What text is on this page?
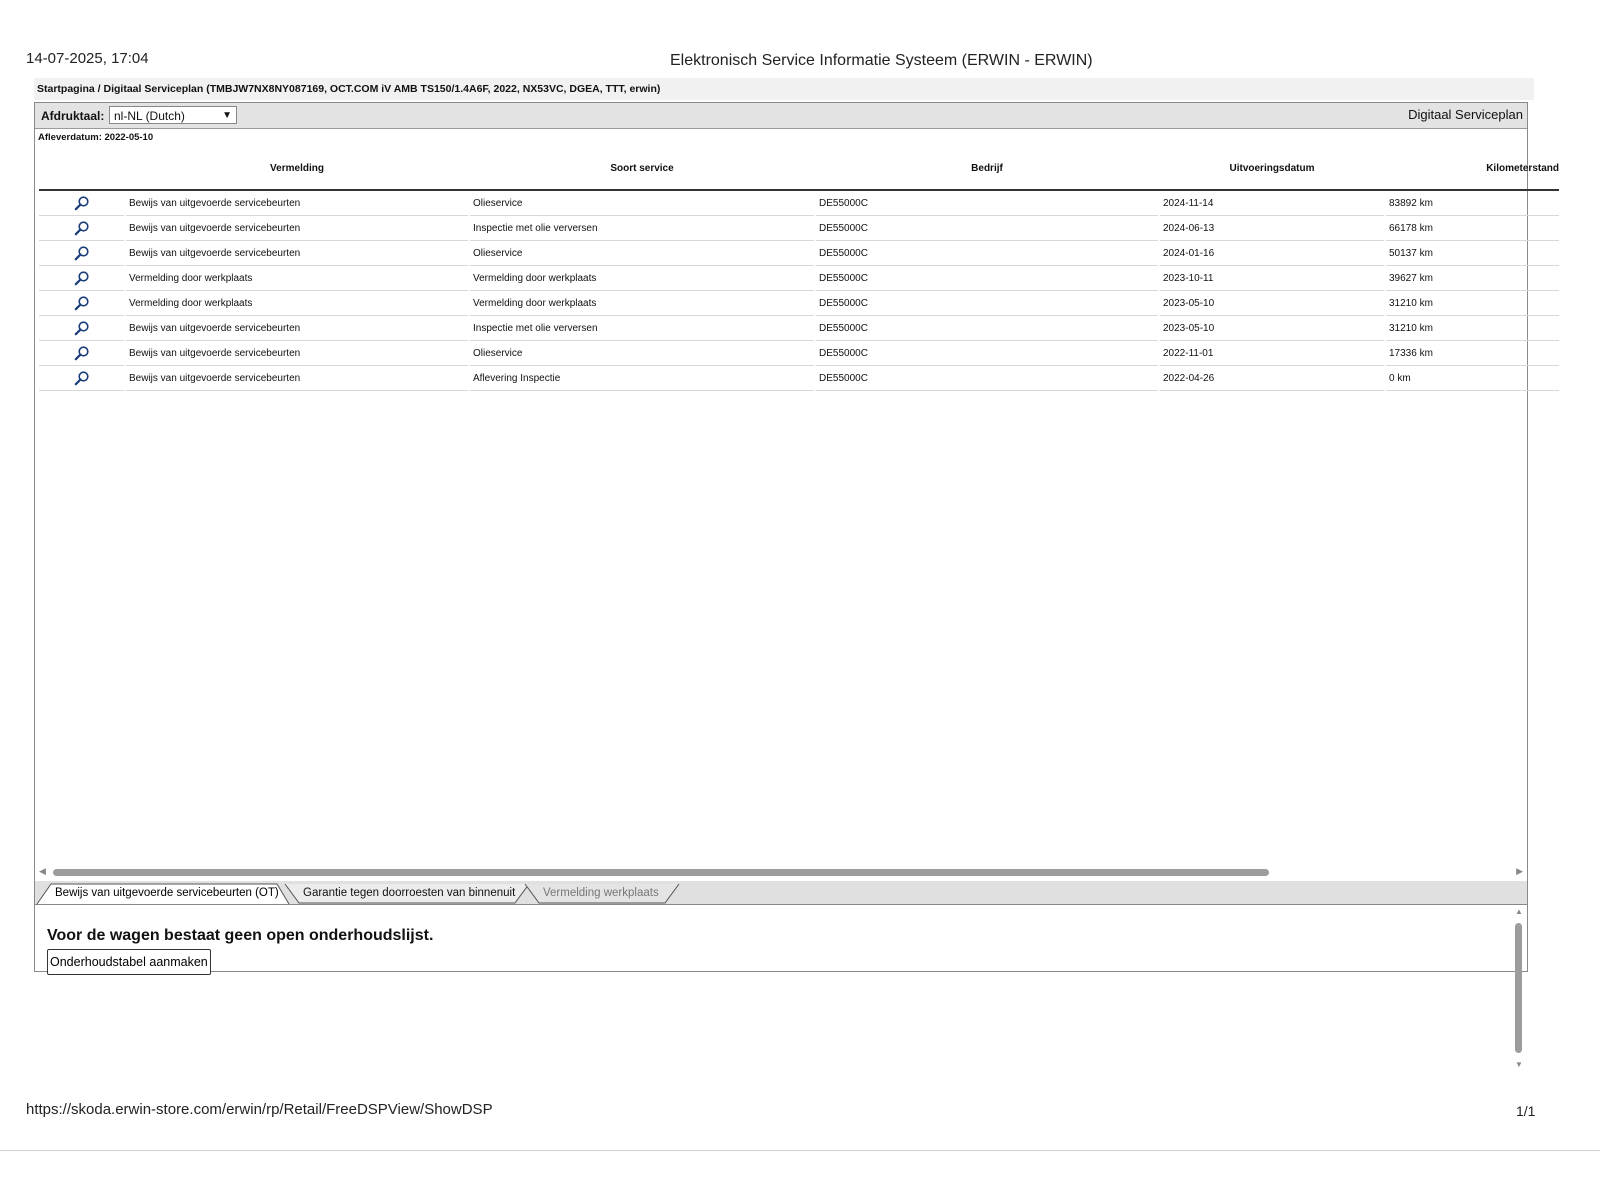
14-07-2025, 17:04	Elektronisch Service Informatie Systeem (ERWIN - ERWIN)
Startpagina / Digitaal Serviceplan (TMBJW7NX8NY087169, OCT.COM iV AMB TS150/1.4A6F, 2022, NX53VC, DGEA, TTT, erwin)
Afdruktaal: nl-NL (Dutch)	▼	Digitaal Serviceplan
Afleverdatum: 2022-05-10
	Vermelding	Soort service	Bedrijf	Uitvoeringsdatum	Kilometerstand
	Bewijs van uitgevoerde servicebeurten	Olieservice	DE55000C	2024-11-14	83892 km
	Bewijs van uitgevoerde servicebeurten	Inspectie met olie verversen	DE55000C	2024-06-13	66178 km
	Bewijs van uitgevoerde servicebeurten	Olieservice	DE55000C	2024-01-16	50137 km
	Vermelding door werkplaats	Vermelding door werkplaats	DE55000C	2023-10-11	39627 km
	Vermelding door werkplaats	Vermelding door werkplaats	DE55000C	2023-05-10	31210 km
	Bewijs van uitgevoerde servicebeurten	Inspectie met olie verversen	DE55000C	2023-05-10	31210 km
	Bewijs van uitgevoerde servicebeurten	Olieservice	DE55000C	2022-11-01	17336 km
	Bewijs van uitgevoerde servicebeurten	Aflevering Inspectie	DE55000C	2022-04-26	0 km
◀	▶
Bewijs van uitgevoerde servicebeurten (OT)	Garantie tegen doorroesten van binnenuit	Vermelding werkplaats
Voor de wagen bestaat geen open onderhoudslijst.
Onderhoudstabel aanmaken
▲
▼
https://skoda.erwin-store.com/erwin/rp/Retail/FreeDSPView/ShowDSP	1/1
